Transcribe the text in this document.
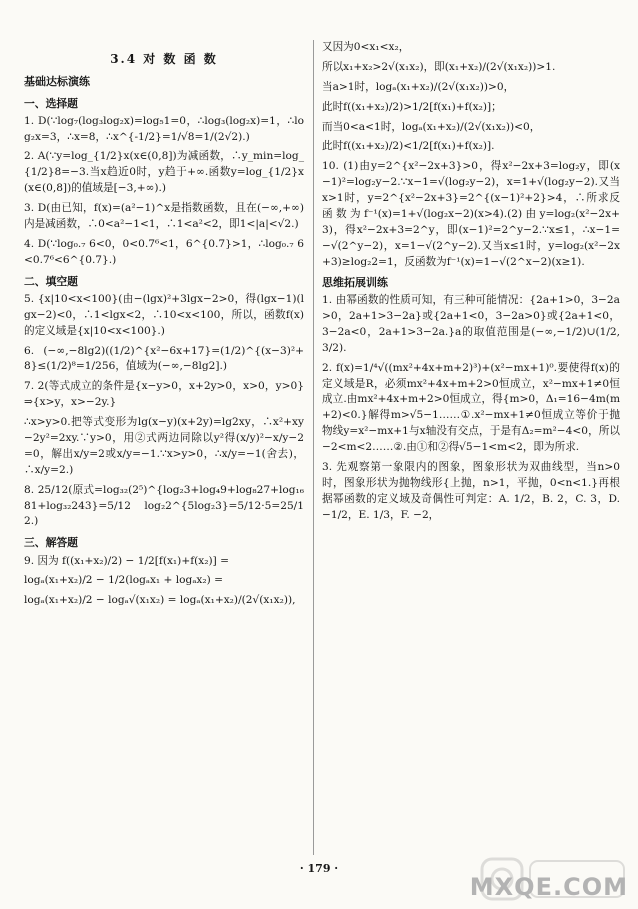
3.4 对 数 函 数
基础达标演练
一、选择题

1. D(∵log₇(log₃log₂x)=log₅1=0，∴log₃(log₂x)=1，∴log₂x=3，∴x=8，∴x^{-1/2}=1/√8=1/(2√2).)

2. A(∵y=log_{1/2}x(x∈(0,8])为减函数，∴y_min=log_{1/2}8=−3.当x趋近0时，y趋于+∞.函数y=log_{1/2}x(x∈(0,8])的值域是[−3,+∞).)

3. D(由已知，f(x)=(a²−1)^x是指数函数，且在(−∞,+∞)内是减函数，∴0<a²−1<1，∴1<a²<2，即1<|a|<√2.)

4. D(∵log₀.₇ 6<0，0<0.7⁶<1，6^{0.7}>1，∴log₀.₇ 6<0.7⁶<6^{0.7}.)

二、填空题

5. {x|10<x<100}(由−(lgx)²+3lgx−2>0，得(lgx−1)(lgx−2)<0，∴1<lgx<2，∴10<x<100，所以，函数f(x)的定义域是{x|10<x<100}.)

6. (−∞,−8lg2)((1/2)^{x²−6x+17}=(1/2)^{(x−3)²+8}≤(1/2)⁸=1/256，值域为(−∞,−8lg2].)

7. 2(等式成立的条件是{x−y>0，x+2y>0，x>0，y>0}⇒{x>y，x>−2y.}

∴x>y>0.把等式变形为lg(x−y)(x+2y)=lg2xy，∴x²+xy−2y²=2xy.∵y>0，用②式两边同除以y²得(x/y)²−x/y−2=0，解出x/y=2或x/y=−1.∵x>y>0，∴x/y=−1(舍去)，∴x/y=2.)

8. 25/12(原式=log₃₂(2⁵)^{log₂3+log₄9+log₈27+log₁₆81+log₃₂243}=5/12 log₂2^{5log₂3}=5/12·5=25/12.)

三、解答题

9. 因为 f((x₁+x₂)/2) − 1/2[f(x₁)+f(x₂)] =

logₐ(x₁+x₂)/2 − 1/2(logₐx₁ + logₐx₂) =

logₐ(x₁+x₂)/2 − logₐ√(x₁x₂) = logₐ(x₁+x₂)/(2√(x₁x₂)),

又因为0<x₁<x₂，

所以x₁+x₂>2√(x₁x₂)，即(x₁+x₂)/(2√(x₁x₂))>1.

当a>1时，logₐ(x₁+x₂)/(2√(x₁x₂))>0，

此时f((x₁+x₂)/2)>1/2[f(x₁)+f(x₂)]；

而当0<a<1时，logₐ(x₁+x₂)/(2√(x₁x₂))<0，

此时f((x₁+x₂)/2)<1/2[f(x₁)+f(x₂)].

10. (1)由y=2^{x²−2x+3}>0，得x²−2x+3=log₂y，即(x−1)²=log₂y−2.∵x−1=√(log₂y−2)，x=1+√(log₂y−2).又当x>1时，y=2^{x²−2x+3}=2^{(x−1)²+2}>4，∴所求反函数为f⁻¹(x)=1+√(log₂x−2)(x>4).(2)由y=log₂(x²−2x+3)，得x²−2x+3=2^y，即(x−1)²=2^y−2.∵x≤1，∴x−1=−√(2^y−2)，x=1−√(2^y−2).又当x≤1时，y=log₂(x²−2x+3)≥log₂2=1，反函数为f⁻¹(x)=1−√(2^x−2)(x≥1).

思维拓展训练

1. 由幂函数的性质可知，有三种可能情况：{2a+1>0，3−2a>0，2a+1>3−2a}或{2a+1<0，3−2a>0}或{2a+1<0，3−2a<0，2a+1>3−2a.}a的取值范围是(−∞,−1/2)∪(1/2,3/2).

2. f(x)=1/⁴√((mx²+4x+m+2)³)+(x²−mx+1)⁰.要使得f(x)的定义域是R，必须mx²+4x+m+2>0恒成立，x²−mx+1≠0恒成立.由mx²+4x+m+2>0恒成立，得{m>0，Δ₁=16−4m(m+2)<0.}解得m>√5−1……①.x²−mx+1≠0恒成立等价于抛物线y=x²−mx+1与x轴没有交点，于是有Δ₂=m²−4<0，所以−2<m<2……②.由①和②得√5−1<m<2，即为所求.

3. 先观察第一象限内的图象，图象形状为双曲线型，当n>0时，图象形状为抛物线形{上抛，n>1，平抛，0<n<1.}再根据幂函数的定义域及奇偶性可判定：A. 1/2，B. 2，C. 3，D. −1/2，E. 1/3，F. −2，

· 179 ·
MXQE.COM
